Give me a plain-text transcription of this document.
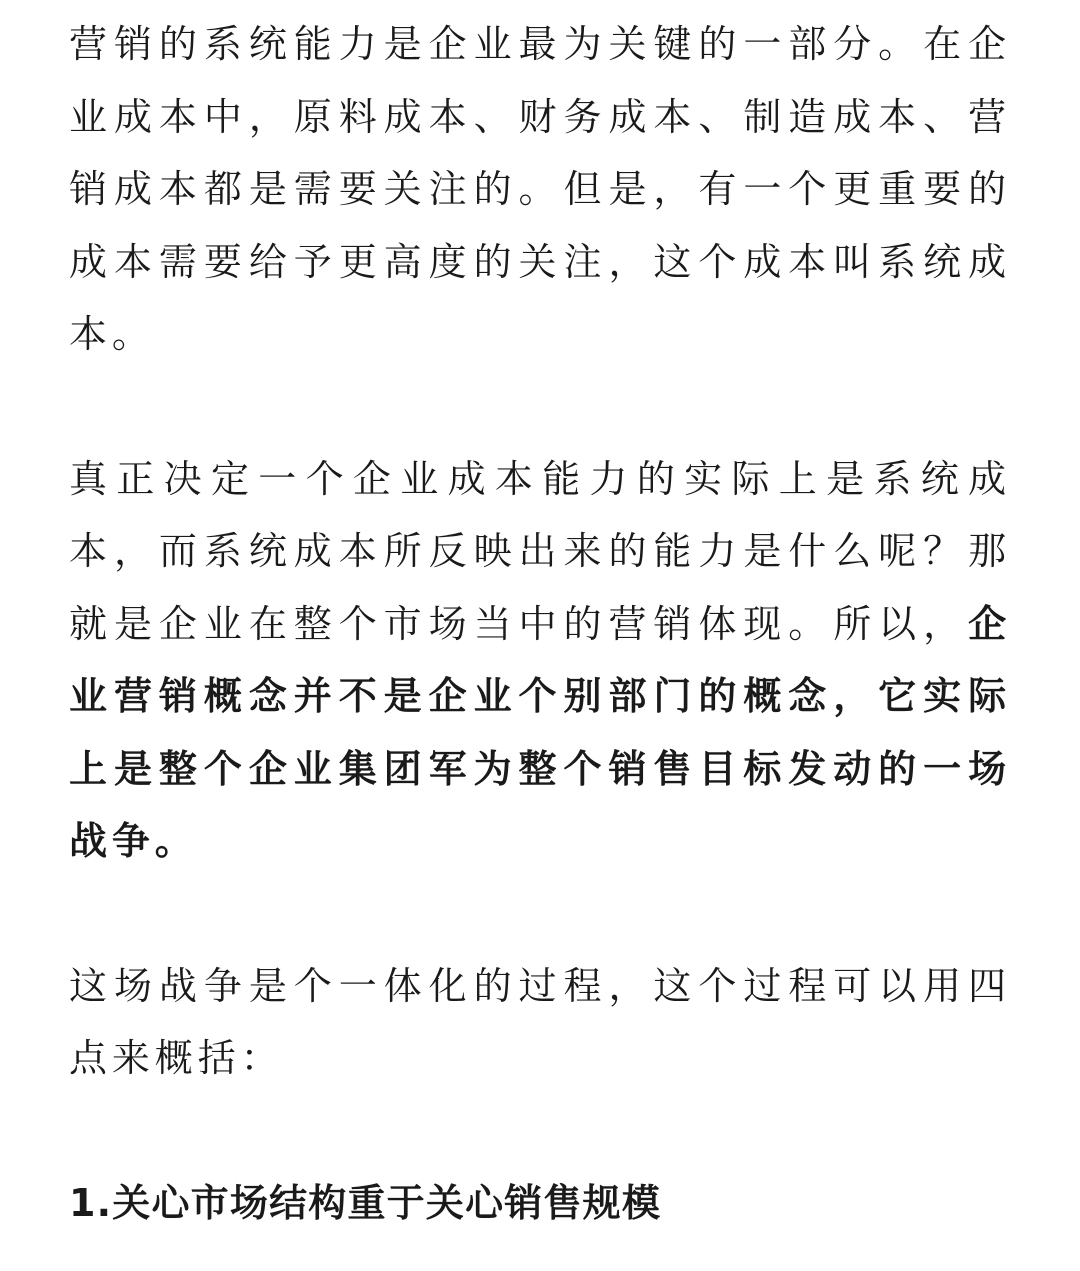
营销的系统能力是企业最为关键的一部分。在企业成本中，原料成本、财务成本、制造成本、营销成本都是需要关注的。但是，有一个更重要的成本需要给予更高度的关注，这个成本叫系统成本。

真正决定一个企业成本能力的实际上是系统成本，而系统成本所反映出来的能力是什么呢？那就是企业在整个市场当中的营销体现。所以，企业营销概念并不是企业个别部门的概念，它实际上是整个企业集团军为整个销售目标发动的一场战争。

这场战争是个一体化的过程，这个过程可以用四点来概括：

1.关心市场结构重于关心销售规模
